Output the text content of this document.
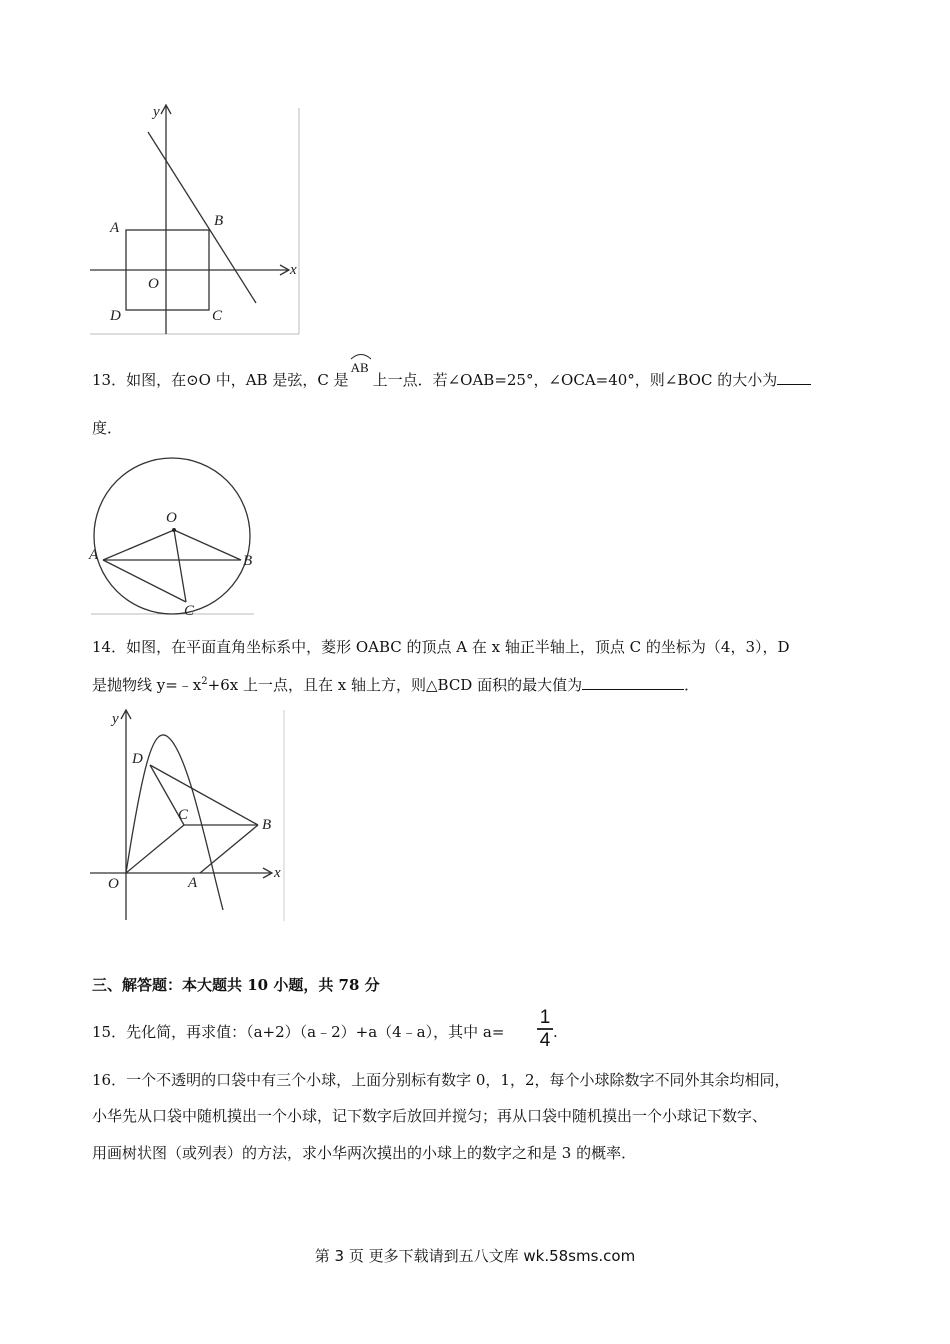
y
x
A	B
O
C
D
13．如图，在⊙O 中，AB 是弦，C 是
AB
上一点．若∠OAB=25°，∠OCA=40°，则∠BOC 的大小为
度．
O
A	B
C
14．如图，在平面直角坐标系中，菱形 OABC 的顶点 A 在 x 轴正半轴上，顶点 C 的坐标为（4，3），D
是抛物线 $y=﹣x^2+6x$ 上一点，且在 x 轴上方，则△BCD 面积的最大值为	．
D
C
B
O	A
y
x
三、解答题：本大题共 10 小题，共 78 分
15．先化简，再求值：（a+2）（a﹣2）+a（4﹣a），其中 a=
1
4 .
16．一个不透明的口袋中有三个小球，上面分别标有数字 0，1，2，每个小球除数字不同外其余均相同，
小华先从口袋中随机摸出一个小球，记下数字后放回并搅匀；再从口袋中随机摸出一个小球记下数字、
用画树状图（或列表）的方法，求小华两次摸出的小球上的数字之和是 3 的概率．
第 3 页 更多下载请到五八文库 wk.58sms.com
